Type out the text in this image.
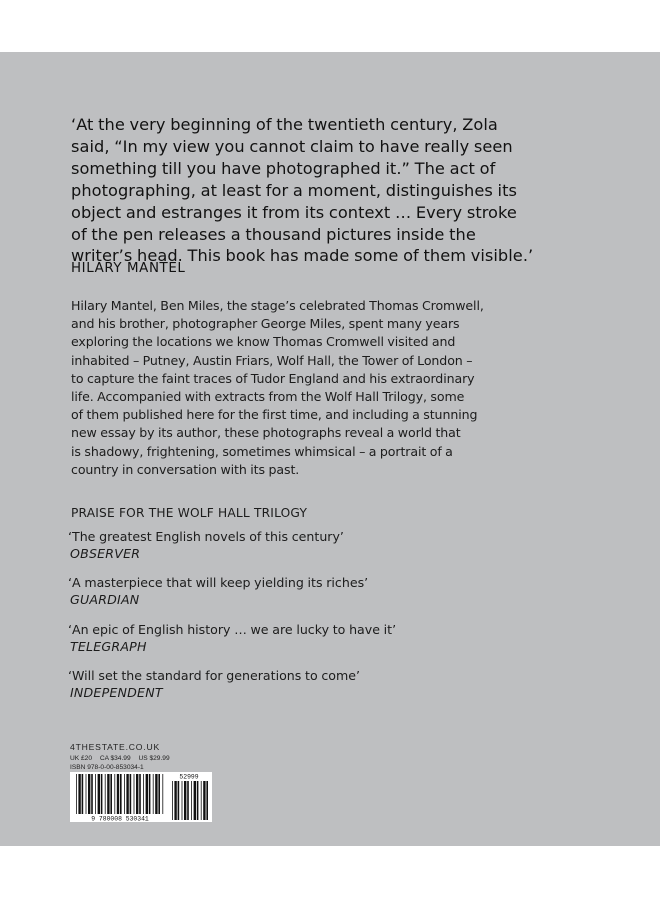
‘At the very beginning of the twentieth century, Zola
said, “In my view you cannot claim to have really seen
something till you have photographed it.” The act of
photographing, at least for a moment, distinguishes its
object and estranges it from its context … Every stroke
of the pen releases a thousand pictures inside the
writer’s head. This book has made some of them visible.’

HILARY MANTEL
Hilary Mantel, Ben Miles, the stage’s celebrated Thomas Cromwell,
and his brother, photographer George Miles, spent many years
exploring the locations we know Thomas Cromwell visited and
inhabited – Putney, Austin Friars, Wolf Hall, the Tower of London –
to capture the faint traces of Tudor England and his extraordinary
life. Accompanied with extracts from the Wolf Hall Trilogy, some
of them published here for the first time, and including a stunning
new essay by its author, these photographs reveal a world that
is shadowy, frightening, sometimes whimsical – a portrait of a
country in conversation with its past.
PRAISE FOR THE WOLF HALL TRILOGY
‘The greatest English novels of this century’
OBSERVER
‘A masterpiece that will keep yielding its riches’
GUARDIAN
‘An epic of English history … we are lucky to have it’
TELEGRAPH
‘Will set the standard for generations to come’
INDEPENDENT
4THESTATE.CO.UK
UK £20 CA $34.99 US $29.99
ISBN 978-0-00-853034-1
9 780008 530341
52999
